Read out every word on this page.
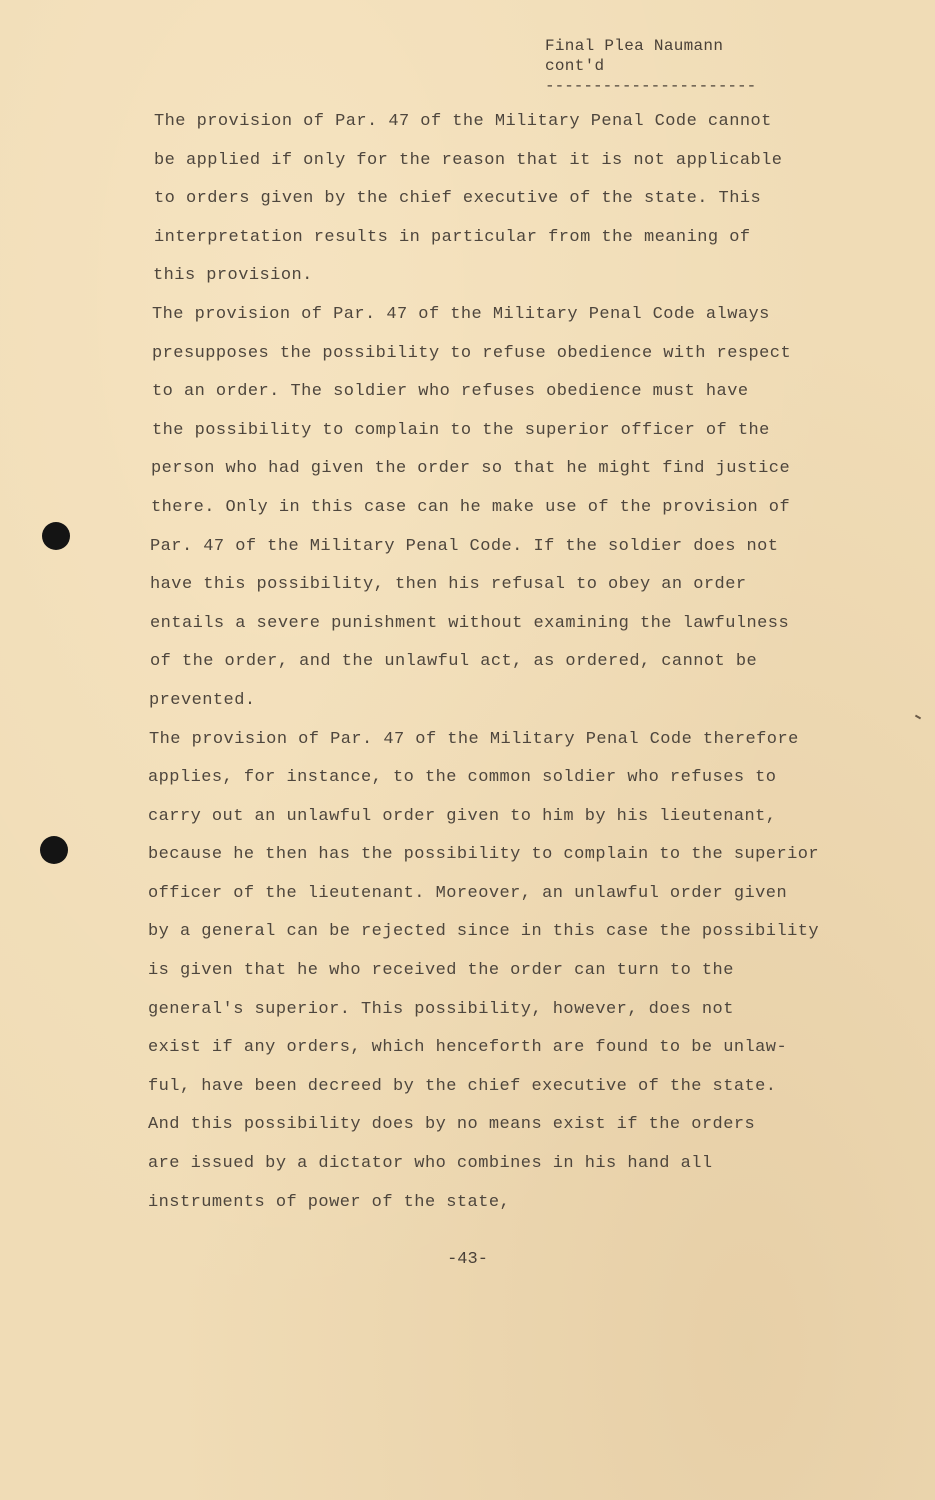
Final Plea Naumann
cont'd
----------------------
The provision of Par. 47 of the Military Penal Code cannot
be applied if only for the reason that it is not applicable
to orders given by the chief executive of the state. This
interpretation results in particular from the meaning of
this provision.
The provision of Par. 47 of the Military Penal Code always
presupposes the possibility to refuse obedience with respect
to an order. The soldier who refuses obedience must have
the possibility to complain to the superior officer of the
person who had given the order so that he might find justice
there. Only in this case can he make use of the provision of
Par. 47 of the Military Penal Code. If the soldier does not
have this possibility, then his refusal to obey an order
entails a severe punishment without examining the lawfulness
of the order, and the unlawful act, as ordered, cannot be
prevented.
The provision of Par. 47 of the Military Penal Code therefore
applies, for instance, to the common soldier who refuses to
carry out an unlawful order given to him by his lieutenant,
because he then has the possibility to complain to the superior
officer of the lieutenant. Moreover, an unlawful order given
by a general can be rejected since in this case the possibility
is given that he who received the order can turn to the
general's superior. This possibility, however, does not
exist if any orders, which henceforth are found to be unlaw-
ful, have been decreed by the chief executive of the state.
And this possibility does by no means exist if the orders
are issued by a dictator who combines in his hand all
instruments of power of the state,
-43-
